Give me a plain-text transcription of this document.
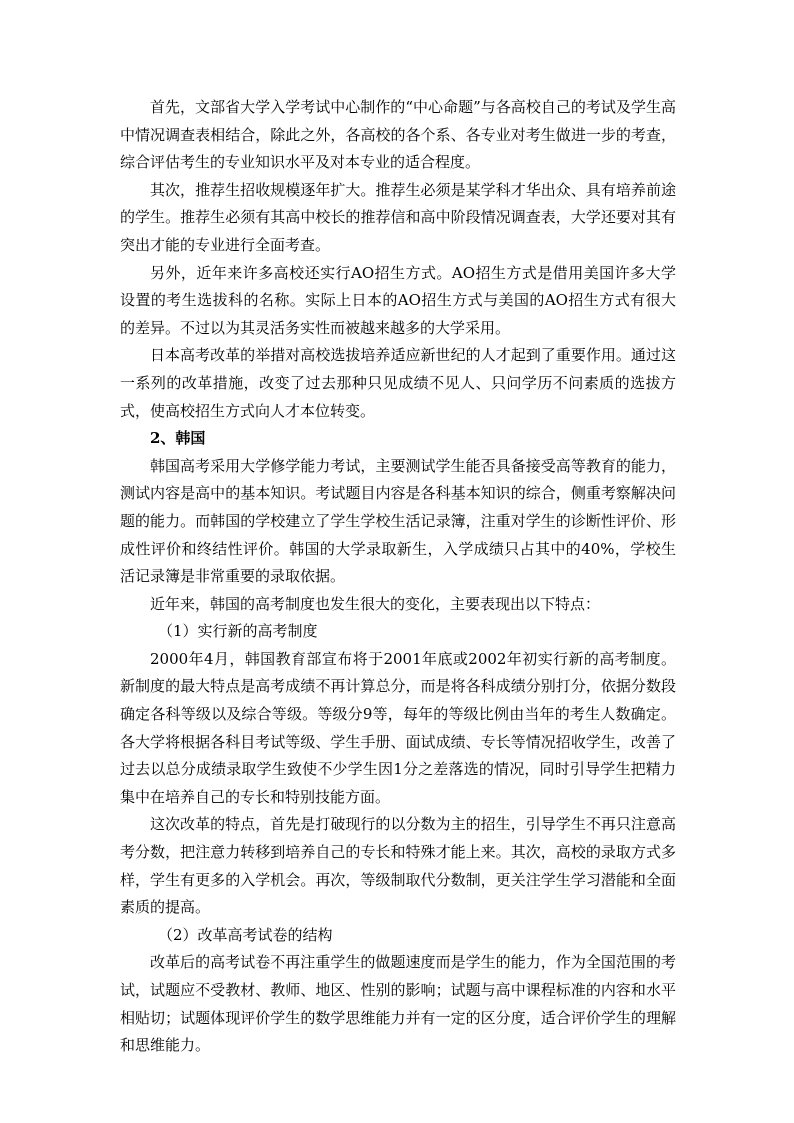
首先，文部省大学入学考试中心制作的“中心命题”与各高校自己的考试及学生高中情况调查表相结合，除此之外，各高校的各个系、各专业对考生做进一步的考查，综合评估考生的专业知识水平及对本专业的适合程度。

其次，推荐生招收规模逐年扩大。推荐生必须是某学科才华出众、具有培养前途的学生。推荐生必须有其高中校长的推荐信和高中阶段情况调查表，大学还要对其有突出才能的专业进行全面考查。

另外，近年来许多高校还实行AO招生方式。AO招生方式是借用美国许多大学设置的考生选拔科的名称。实际上日本的AO招生方式与美国的AO招生方式有很大的差异。不过以为其灵活务实性而被越来越多的大学采用。

日本高考改革的举措对高校选拔培养适应新世纪的人才起到了重要作用。通过这一系列的改革措施，改变了过去那种只见成绩不见人、只问学历不问素质的选拔方式，使高校招生方式向人才本位转变。

2、韩国

韩国高考采用大学修学能力考试，主要测试学生能否具备接受高等教育的能力，测试内容是高中的基本知识。考试题目内容是各科基本知识的综合，侧重考察解决问题的能力。而韩国的学校建立了学生学校生活记录簿，注重对学生的诊断性评价、形成性评价和终结性评价。韩国的大学录取新生，入学成绩只占其中的40%，学校生活记录簿是非常重要的录取依据。

近年来，韩国的高考制度也发生很大的变化，主要表现出以下特点：

（1）实行新的高考制度

2000年4月，韩国教育部宣布将于2001年底或2002年初实行新的高考制度。新制度的最大特点是高考成绩不再计算总分，而是将各科成绩分别打分，依据分数段确定各科等级以及综合等级。等级分9等，每年的等级比例由当年的考生人数确定。各大学将根据各科目考试等级、学生手册、面试成绩、专长等情况招收学生，改善了过去以总分成绩录取学生致使不少学生因1分之差落选的情况，同时引导学生把精力集中在培养自己的专长和特别技能方面。

这次改革的特点，首先是打破现行的以分数为主的招生，引导学生不再只注意高考分数，把注意力转移到培养自己的专长和特殊才能上来。其次，高校的录取方式多样，学生有更多的入学机会。再次，等级制取代分数制，更关注学生学习潜能和全面素质的提高。

（2）改革高考试卷的结构

改革后的高考试卷不再注重学生的做题速度而是学生的能力，作为全国范围的考试，试题应不受教材、教师、地区、性别的影响；试题与高中课程标准的内容和水平相贴切；试题体现评价学生的数学思维能力并有一定的区分度，适合评价学生的理解和思维能力。
